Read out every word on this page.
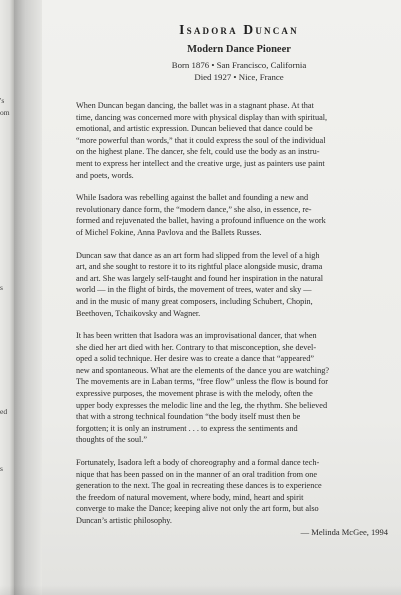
's
om
s
ed
s
Isadora Duncan
Modern Dance Pioneer
Born 1876 • San Francisco, California
Died 1927 • Nice, France
When Duncan began dancing, the ballet was in a stagnant phase. At that
time, dancing was concerned more with physical display than with spiritual,
emotional, and artistic expression. Duncan believed that dance could be
“more powerful than words,” that it could express the soul of the individual
on the highest plane. The dancer, she felt, could use the body as an instru-
ment to express her intellect and the creative urge, just as painters use paint
and poets, words.
While Isadora was rebelling against the ballet and founding a new and
revolutionary dance form, the “modern dance,” she also, in essence, re-
formed and rejuvenated the ballet, having a profound influence on the work
of Michel Fokine, Anna Pavlova and the Ballets Russes.
Duncan saw that dance as an art form had slipped from the level of a high
art, and she sought to restore it to its rightful place alongside music, drama
and art. She was largely self-taught and found her inspiration in the natural
world — in the flight of birds, the movement of trees, water and sky —
and in the music of many great composers, including Schubert, Chopin,
Beethoven, Tchaikovsky and Wagner.
It has been written that Isadora was an improvisational dancer, that when
she died her art died with her. Contrary to that misconception, she devel-
oped a solid technique. Her desire was to create a dance that “appeared”
new and spontaneous. What are the elements of the dance you are watching?
The movements are in Laban terms, “free flow” unless the flow is bound for
expressive purposes, the movement phrase is with the melody, often the
upper body expresses the melodic line and the leg, the rhythm. She believed
that with a strong technical foundation “the body itself must then be
forgotten; it is only an instrument . . . to express the sentiments and
thoughts of the soul.”
Fortunately, Isadora left a body of choreography and a formal dance tech-
nique that has been passed on in the manner of an oral tradition from one
generation to the next. The goal in recreating these dances is to experience
the freedom of natural movement, where body, mind, heart and spirit
converge to make the Dance; keeping alive not only the art form, but also
Duncan’s artistic philosophy.
— Melinda McGee, 1994
